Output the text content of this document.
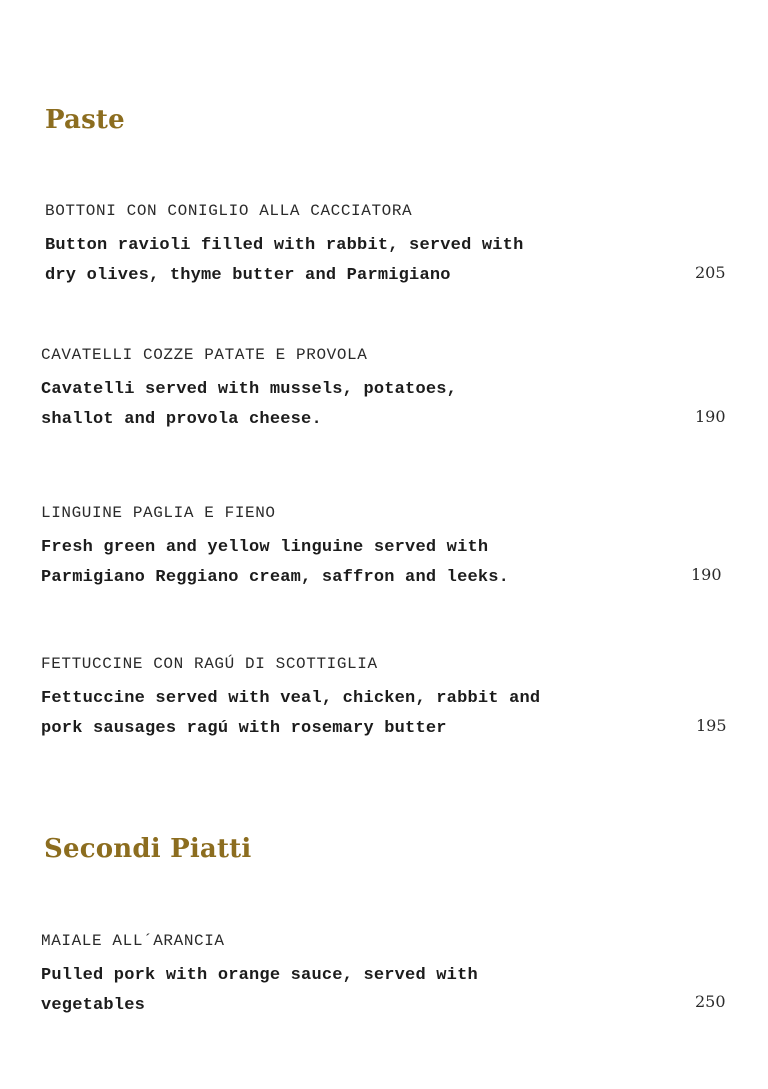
Paste
BOTTONI CON CONIGLIO ALLA CACCIATORA
Button ravioli filled with rabbit, served with
dry olives, thyme butter and Parmigiano	205
CAVATELLI COZZE PATATE E PROVOLA
Cavatelli served with mussels, potatoes,
shallot and provola cheese.	190
LINGUINE PAGLIA E FIENO
Fresh green and yellow linguine served with
Parmigiano Reggiano cream, saffron and leeks.	190
FETTUCCINE CON RAGÚ DI SCOTTIGLIA
Fettuccine served with veal, chicken, rabbit and
pork sausages ragú with rosemary butter	195
Secondi Piatti
MAIALE ALL´ARANCIA
Pulled pork with orange sauce, served with
vegetables	250
